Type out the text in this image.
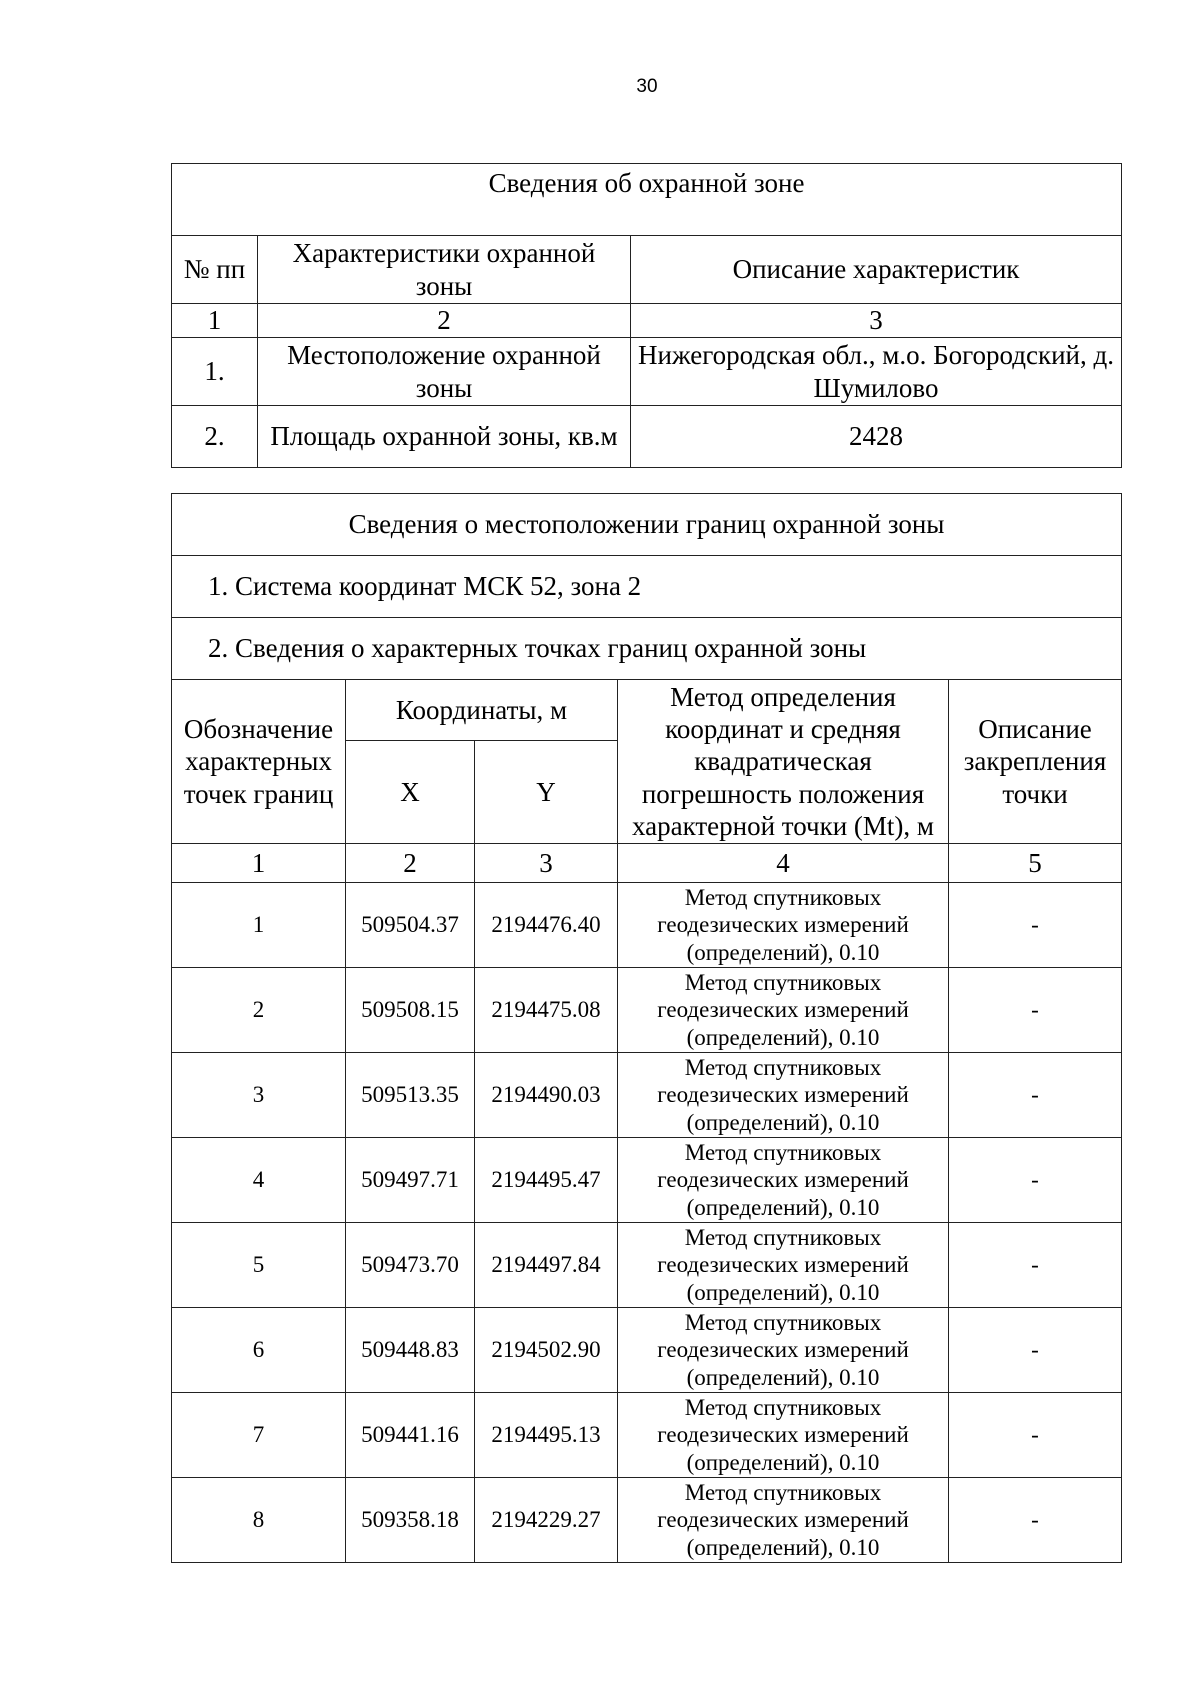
30
Сведения об охранной зоне		
№ пп	Характеристики охранной зоны	Описание характеристик
1	2	3
1.	Местоположение охранной зоны	Нижегородская обл., м.о. Богородский, д. Шумилово
2.	Площадь охранной зоны, кв.м	2428
Сведения о местоположении границ охранной зоны				
1. Система координат МСК 52, зона 2				
2. Сведения о характерных точках границ охранной зоны				
Обозначение характерных точек границ	Координаты, м		Метод определения координат и средняя квадратическая погрешность положения характерной точки (Mt), м	Описание закрепления точки
	X	Y		
1	2	3	4	5
1	509504.37	2194476.40	Метод спутниковых геодезических измерений (определений), 0.10	-
2	509508.15	2194475.08	Метод спутниковых геодезических измерений (определений), 0.10	-
3	509513.35	2194490.03	Метод спутниковых геодезических измерений (определений), 0.10	-
4	509497.71	2194495.47	Метод спутниковых геодезических измерений (определений), 0.10	-
5	509473.70	2194497.84	Метод спутниковых геодезических измерений (определений), 0.10	-
6	509448.83	2194502.90	Метод спутниковых геодезических измерений (определений), 0.10	-
7	509441.16	2194495.13	Метод спутниковых геодезических измерений (определений), 0.10	-
8	509358.18	2194229.27	Метод спутниковых геодезических измерений (определений), 0.10	-
